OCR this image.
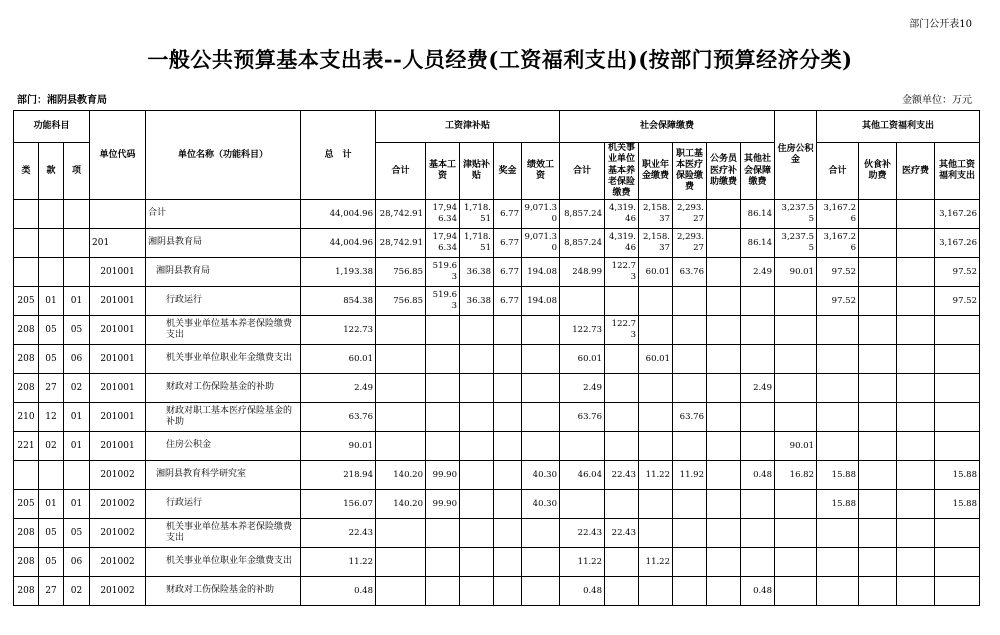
部门公开表10
一般公共预算基本支出表--人员经费(工资福利支出)(按部门预算经济分类)
部门：湘阴县教育局	金额单位：万元
功能科目			单位代码	单位名称（功能科目）	总　计	工资津补贴					社会保障缴费						住房公积金	其他工资福利支出			
类	款	项				合计	基本工资	津贴补贴	奖金	绩效工资	合计	机关事业单位基本养老保险缴费	职业年金缴费	职工基本医疗保险缴费	公务员医疗补助缴费	其他社会保障缴费		合计	伙食补助费	医疗费	其他工资福利支出
				合计	44,004.96	28,742.91	17,946.34	1,718.51	6.77	9,071.30	8,857.24	4,319.46	2,158.37	2,293.27		86.14	3,237.55	3,167.26			3,167.26
			201	湘阴县教育局	44,004.96	28,742.91	17,946.34	1,718.51	6.77	9,071.30	8,857.24	4,319.46	2,158.37	2,293.27		86.14	3,237.55	3,167.26			3,167.26
			201001	湘阴县教育局	1,193.38	756.85	519.63	36.38	6.77	194.08	248.99	122.73	60.01	63.76		2.49	90.01	97.52			97.52
205	01	01	201001	行政运行	854.38	756.85	519.63	36.38	6.77	194.08								97.52			97.52
208	05	05	201001	机关事业单位基本养老保险缴费支出	122.73						122.73	122.73									
208	05	06	201001	机关事业单位职业年金缴费支出	60.01						60.01		60.01								
208	27	02	201001	财政对工伤保险基金的补助	2.49						2.49					2.49					
210	12	01	201001	财政对职工基本医疗保险基金的补助	63.76						63.76			63.76							
221	02	01	201001	住房公积金	90.01												90.01				
			201002	湘阴县教育科学研究室	218.94	140.20	99.90			40.30	46.04	22.43	11.22	11.92		0.48	16.82	15.88			15.88
205	01	01	201002	行政运行	156.07	140.20	99.90			40.30								15.88			15.88
208	05	05	201002	机关事业单位基本养老保险缴费支出	22.43						22.43	22.43									
208	05	06	201002	机关事业单位职业年金缴费支出	11.22						11.22		11.22								
208	27	02	201002	财政对工伤保险基金的补助	0.48						0.48					0.48					
